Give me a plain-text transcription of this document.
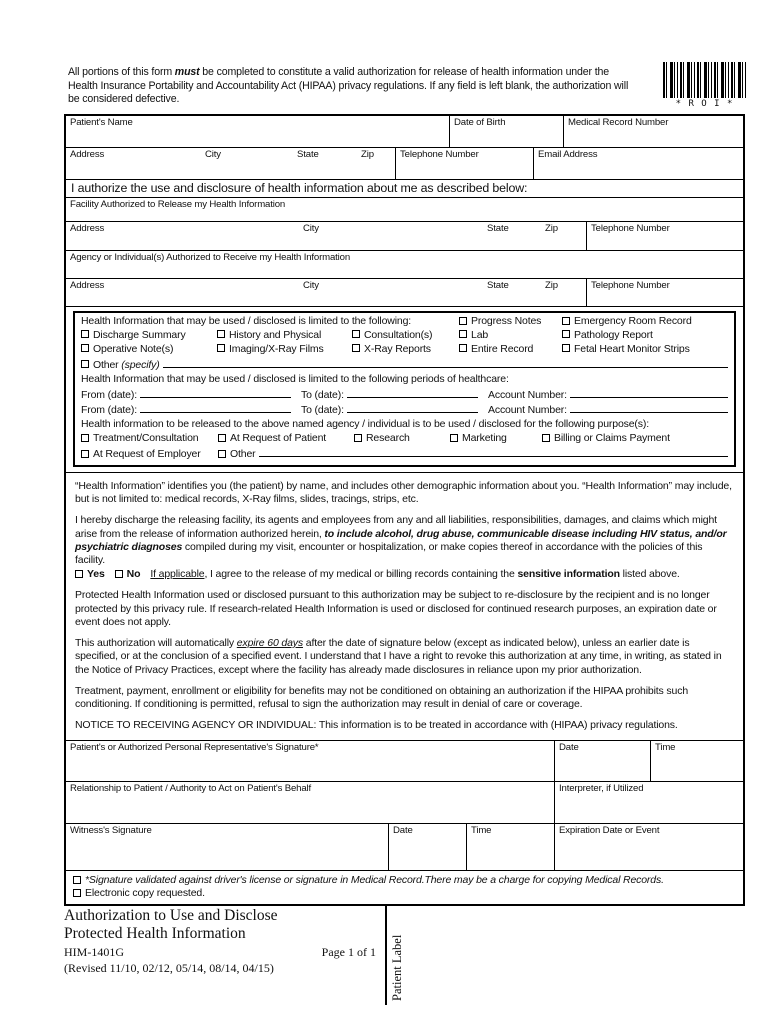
All portions of this form must be completed to constitute a valid authorization for release of health information under the Health Insurance Portability and Accountability Act (HIPAA) privacy regulations. If any field is left blank, the authorization will be considered defective.	* R O I *
Patient's Name	Date of Birth	Medical Record Number
Address	City	State	Zip	Telephone Number	Email Address
I authorize the use and disclosure of health information about me as described below:
Facility Authorized to Release my Health Information
Address	City	State	Zip	Telephone Number
Agency or Individual(s) Authorized to Receive my Health Information
Address	City	State	Zip	Telephone Number
Health Information that may be used / disclosed is limited to the following:	Progress Notes	Emergency Room Record
Discharge Summary	History and Physical	Consultation(s)	Lab	Pathology Report
Operative Note(s)	Imaging/X-Ray Films	X-Ray Reports	Entire Record	Fetal Heart Monitor Strips
Other
(specify)
Health Information that may be used / disclosed is limited to the following periods of healthcare:
From (date):	To (date):	Account Number:
From (date):	To (date):	Account Number:
Health information to be released to the above named agency / individual is to be used / disclosed for the following purpose(s):
Treatment/Consultation	At Request of Patient	Research	Marketing	Billing or Claims Payment
At Request of Employer	Other
“Health Information” identifies you (the patient) by name, and includes other demographic information about you. “Health Information” may include, but is not limited to: medical records, X-Ray films, slides, tracings, strips, etc.
I hereby discharge the releasing facility, its agents and employees from any and all liabilities, responsibilities, damages, and claims which might arise from the release of information authorized herein, to include alcohol, drug abuse, communicable disease including HIV status, and/or psychiatric diagnoses compiled during my visit, encounter or hospitalization, or make copies thereof in accordance with the policies of this facility.
Yes No If applicable, I agree to the release of my medical or billing records containing the sensitive information listed above.
Protected Health Information used or disclosed pursuant to this authorization may be subject to re-disclosure by the recipient and is no longer protected by this privacy rule. If research-related Health Information is used or disclosed for continued research purposes, an expiration date or event does not apply.
This authorization will automatically expire 60 days after the date of signature below (except as indicated below), unless an earlier date is specified, or at the conclusion of a specified event. I understand that I have a right to revoke this authorization at any time, in writing, as stated in the Notice of Privacy Practices, except where the facility has already made disclosures in reliance upon my prior authorization.
Treatment, payment, enrollment or eligibility for benefits may not be conditioned on obtaining an authorization if the HIPAA prohibits such conditioning. If conditioning is permitted, refusal to sign the authorization may result in denial of care or coverage.
NOTICE TO RECEIVING AGENCY OR INDIVIDUAL: This information is to be treated in accordance with (HIPAA) privacy regulations.
Patient's or Authorized Personal Representative's Signature*	Date	Time
Relationship to Patient / Authority to Act on Patient's Behalf	Interpreter, if Utilized
Witness's Signature	Date	Time	Expiration Date or Event
*Signature validated against driver's license or signature in Medical Record.There may be a charge for copying Medical Records.
Electronic copy requested.
Authorization to Use and Disclose
Protected Health Information
HIM-1401G	Page 1 of 1
(Revised 11/10, 02/12, 05/14, 08/14, 04/15)	Patient Label
